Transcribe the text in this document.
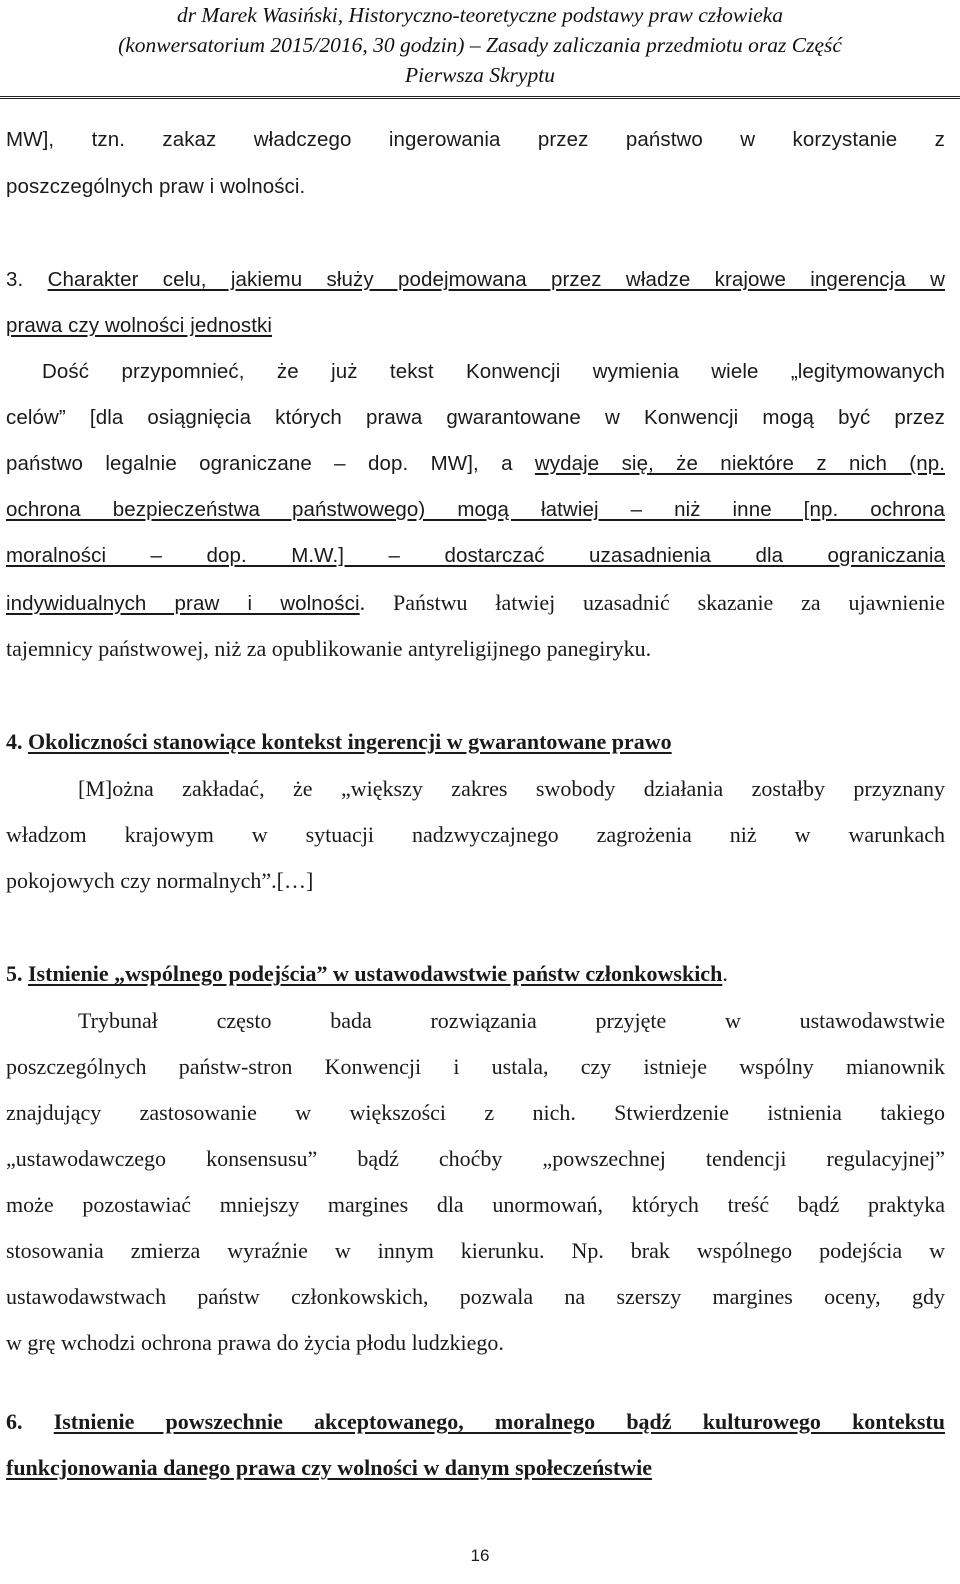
dr Marek Wasiński, Historyczno-teoretyczne podstawy praw człowieka
(konwersatorium 2015/2016, 30 godzin) – Zasady zaliczania przedmiotu oraz Część
Pierwsza Skryptu
MW], tzn. zakaz władczego ingerowania przez państwo w korzystanie z
poszczególnych praw i wolności.
3. Charakter celu, jakiemu służy podejmowana przez władze krajowe ingerencja w
prawa czy wolności jednostki
Dość przypomnieć, że już tekst Konwencji wymienia wiele „legitymowanych
celów” [dla osiągnięcia których prawa gwarantowane w Konwencji mogą być przez
państwo legalnie ograniczane – dop. MW], a wydaje się, że niektóre z nich (np.
ochrona bezpieczeństwa państwowego) mogą łatwiej – niż inne [np. ochrona
moralności – dop. M.W.] – dostarczać uzasadnienia dla ograniczania
indywidualnych praw i wolności. Państwu łatwiej uzasadnić skazanie za ujawnienie
tajemnicy państwowej, niż za opublikowanie antyreligijnego panegiryku.
4. Okoliczności stanowiące kontekst ingerencji w gwarantowane prawo
[M]ożna zakładać, że „większy zakres swobody działania zostałby przyznany
władzom krajowym w sytuacji nadzwyczajnego zagrożenia niż w warunkach
pokojowych czy normalnych”.[…]
5. Istnienie „wspólnego podejścia” w ustawodawstwie państw członkowskich.
Trybunał często bada rozwiązania przyjęte w ustawodawstwie
poszczególnych państw-stron Konwencji i ustala, czy istnieje wspólny mianownik
znajdujący zastosowanie w większości z nich. Stwierdzenie istnienia takiego
„ustawodawczego konsensusu” bądź choćby „powszechnej tendencji regulacyjnej”
może pozostawiać mniejszy margines dla unormowań, których treść bądź praktyka
stosowania zmierza wyraźnie w innym kierunku. Np. brak wspólnego podejścia w
ustawodawstwach państw członkowskich, pozwala na szerszy margines oceny, gdy
w grę wchodzi ochrona prawa do życia płodu ludzkiego.
6. Istnienie powszechnie akceptowanego, moralnego bądź kulturowego kontekstu
funkcjonowania danego prawa czy wolności w danym społeczeństwie
16
